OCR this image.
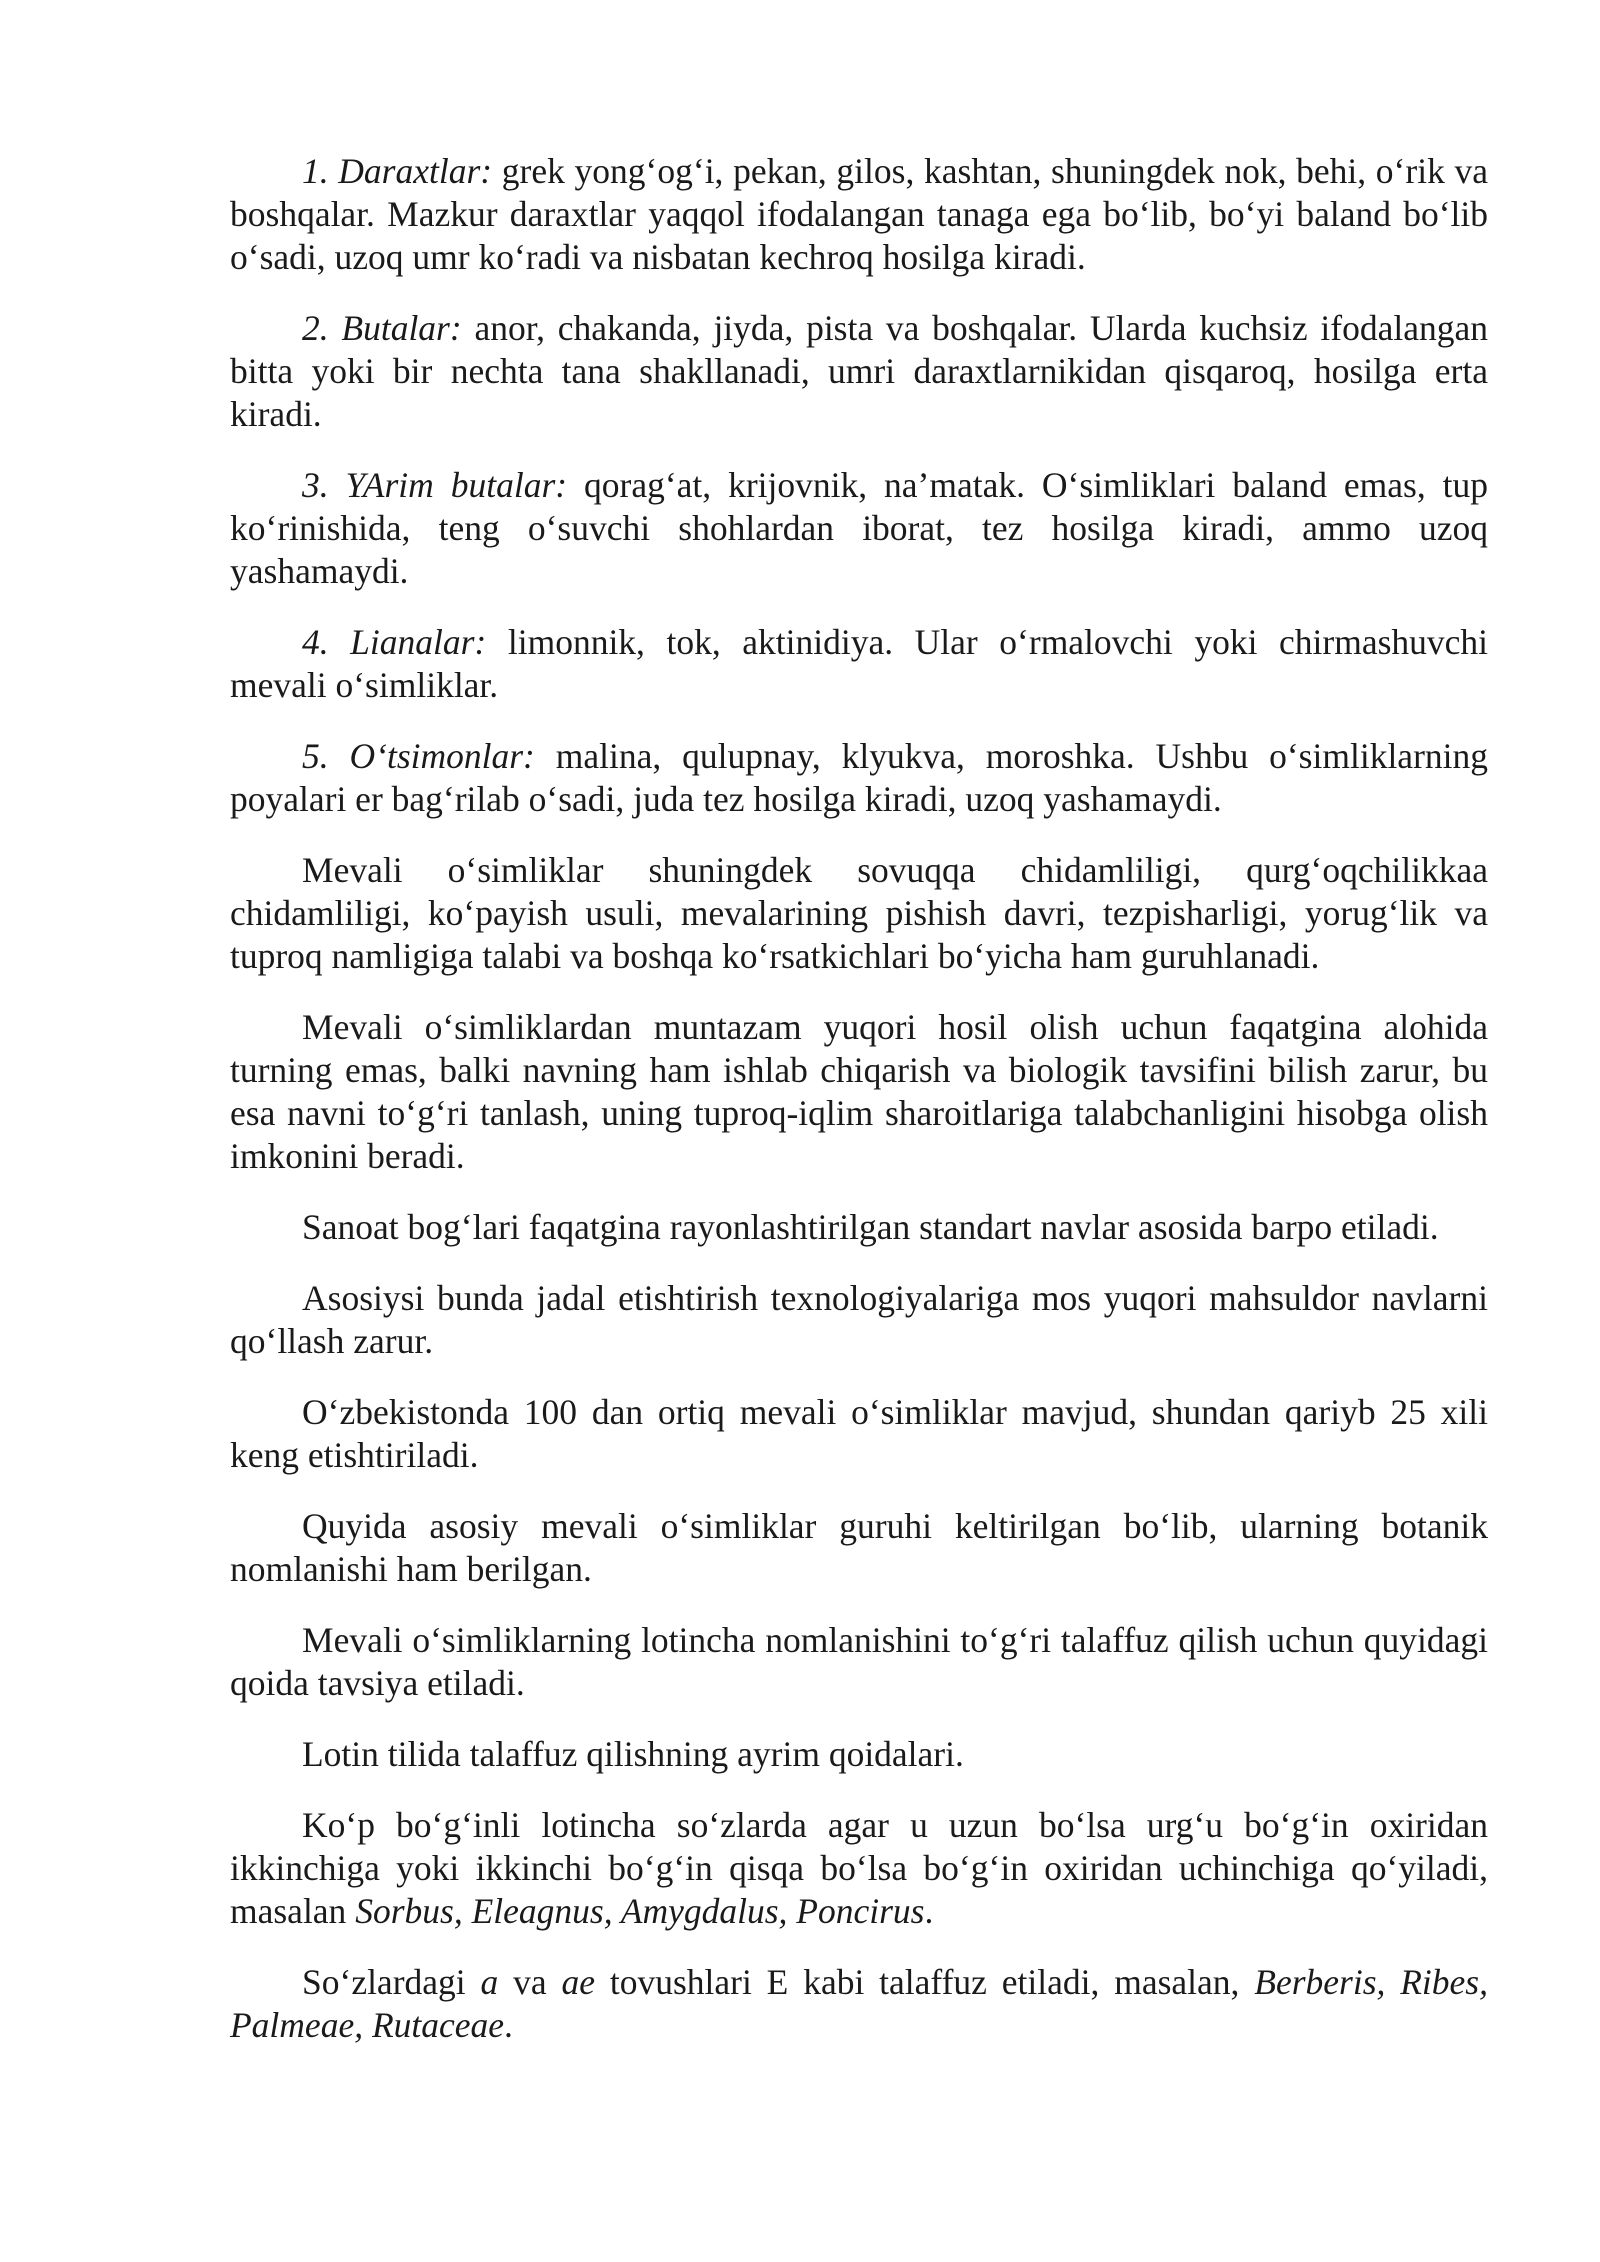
1. Daraxtlar: grek yong‘og‘i, pekan, gilos, kashtan, shuningdek nok, behi, o‘rik va boshqalar. Mazkur daraxtlar yaqqol ifodalangan tanaga ega bo‘lib, bo‘yi baland bo‘lib o‘sadi, uzoq umr ko‘radi va nisbatan kechroq hosilga kiradi.

2. Butalar: anor, chakanda, jiyda, pista va boshqalar. Ularda kuchsiz ifodalangan bitta yoki bir nechta tana shakllanadi, umri daraxtlarnikidan qisqaroq, hosilga erta kiradi.

3. YArim butalar: qorag‘at, krijovnik, na’matak. O‘simliklari baland emas, tup ko‘rinishida, teng o‘suvchi shohlardan iborat, tez hosilga kiradi, ammo uzoq yashamaydi.

4. Lianalar: limonnik, tok, aktinidiya. Ular o‘rmalovchi yoki chirmashuvchi mevali o‘simliklar.

5. O‘tsimonlar: malina, qulupnay, klyukva, moroshka. Ushbu o‘simliklarning poyalari er bag‘rilab o‘sadi, juda tez hosilga kiradi, uzoq yashamaydi.

Mevali o‘simliklar shuningdek sovuqqa chidamliligi, qurg‘oqchilikkaa chidamliligi, ko‘payish usuli, mevalarining pishish davri, tezpisharligi, yorug‘lik va tuproq namligiga talabi va boshqa ko‘rsatkichlari bo‘yicha ham guruhlanadi.

Mevali o‘simliklardan muntazam yuqori hosil olish uchun faqatgina alohida turning emas, balki navning ham ishlab chiqarish va biologik tavsifini bilish zarur, bu esa navni to‘g‘ri tanlash, uning tuproq-iqlim sharoitlariga talabchanligini hisobga olish imkonini beradi.

Sanoat bog‘lari faqatgina rayonlashtirilgan standart navlar asosida barpo etiladi.

Asosiysi bunda jadal etishtirish texnologiyalariga mos yuqori mahsuldor navlarni qo‘llash zarur.

O‘zbekistonda 100 dan ortiq mevali o‘simliklar mavjud, shundan qariyb 25 xili keng etishtiriladi.

Quyida asosiy mevali o‘simliklar guruhi keltirilgan bo‘lib, ularning botanik nomlanishi ham berilgan.

Mevali o‘simliklarning lotincha nomlanishini to‘g‘ri talaffuz qilish uchun quyidagi qoida tavsiya etiladi.

Lotin tilida talaffuz qilishning ayrim qoidalari.

Ko‘p bo‘g‘inli lotincha so‘zlarda agar u uzun bo‘lsa urg‘u bo‘g‘in oxiridan ikkinchiga yoki ikkinchi bo‘g‘in qisqa bo‘lsa bo‘g‘in oxiridan uchinchiga qo‘yiladi, masalan Sorbus, Eleagnus, Amygdalus, Poncirus.

So‘zlardagi a va ae tovushlari E kabi talaffuz etiladi, masalan, Berberis, Ribes, Palmeae, Rutaceae.
